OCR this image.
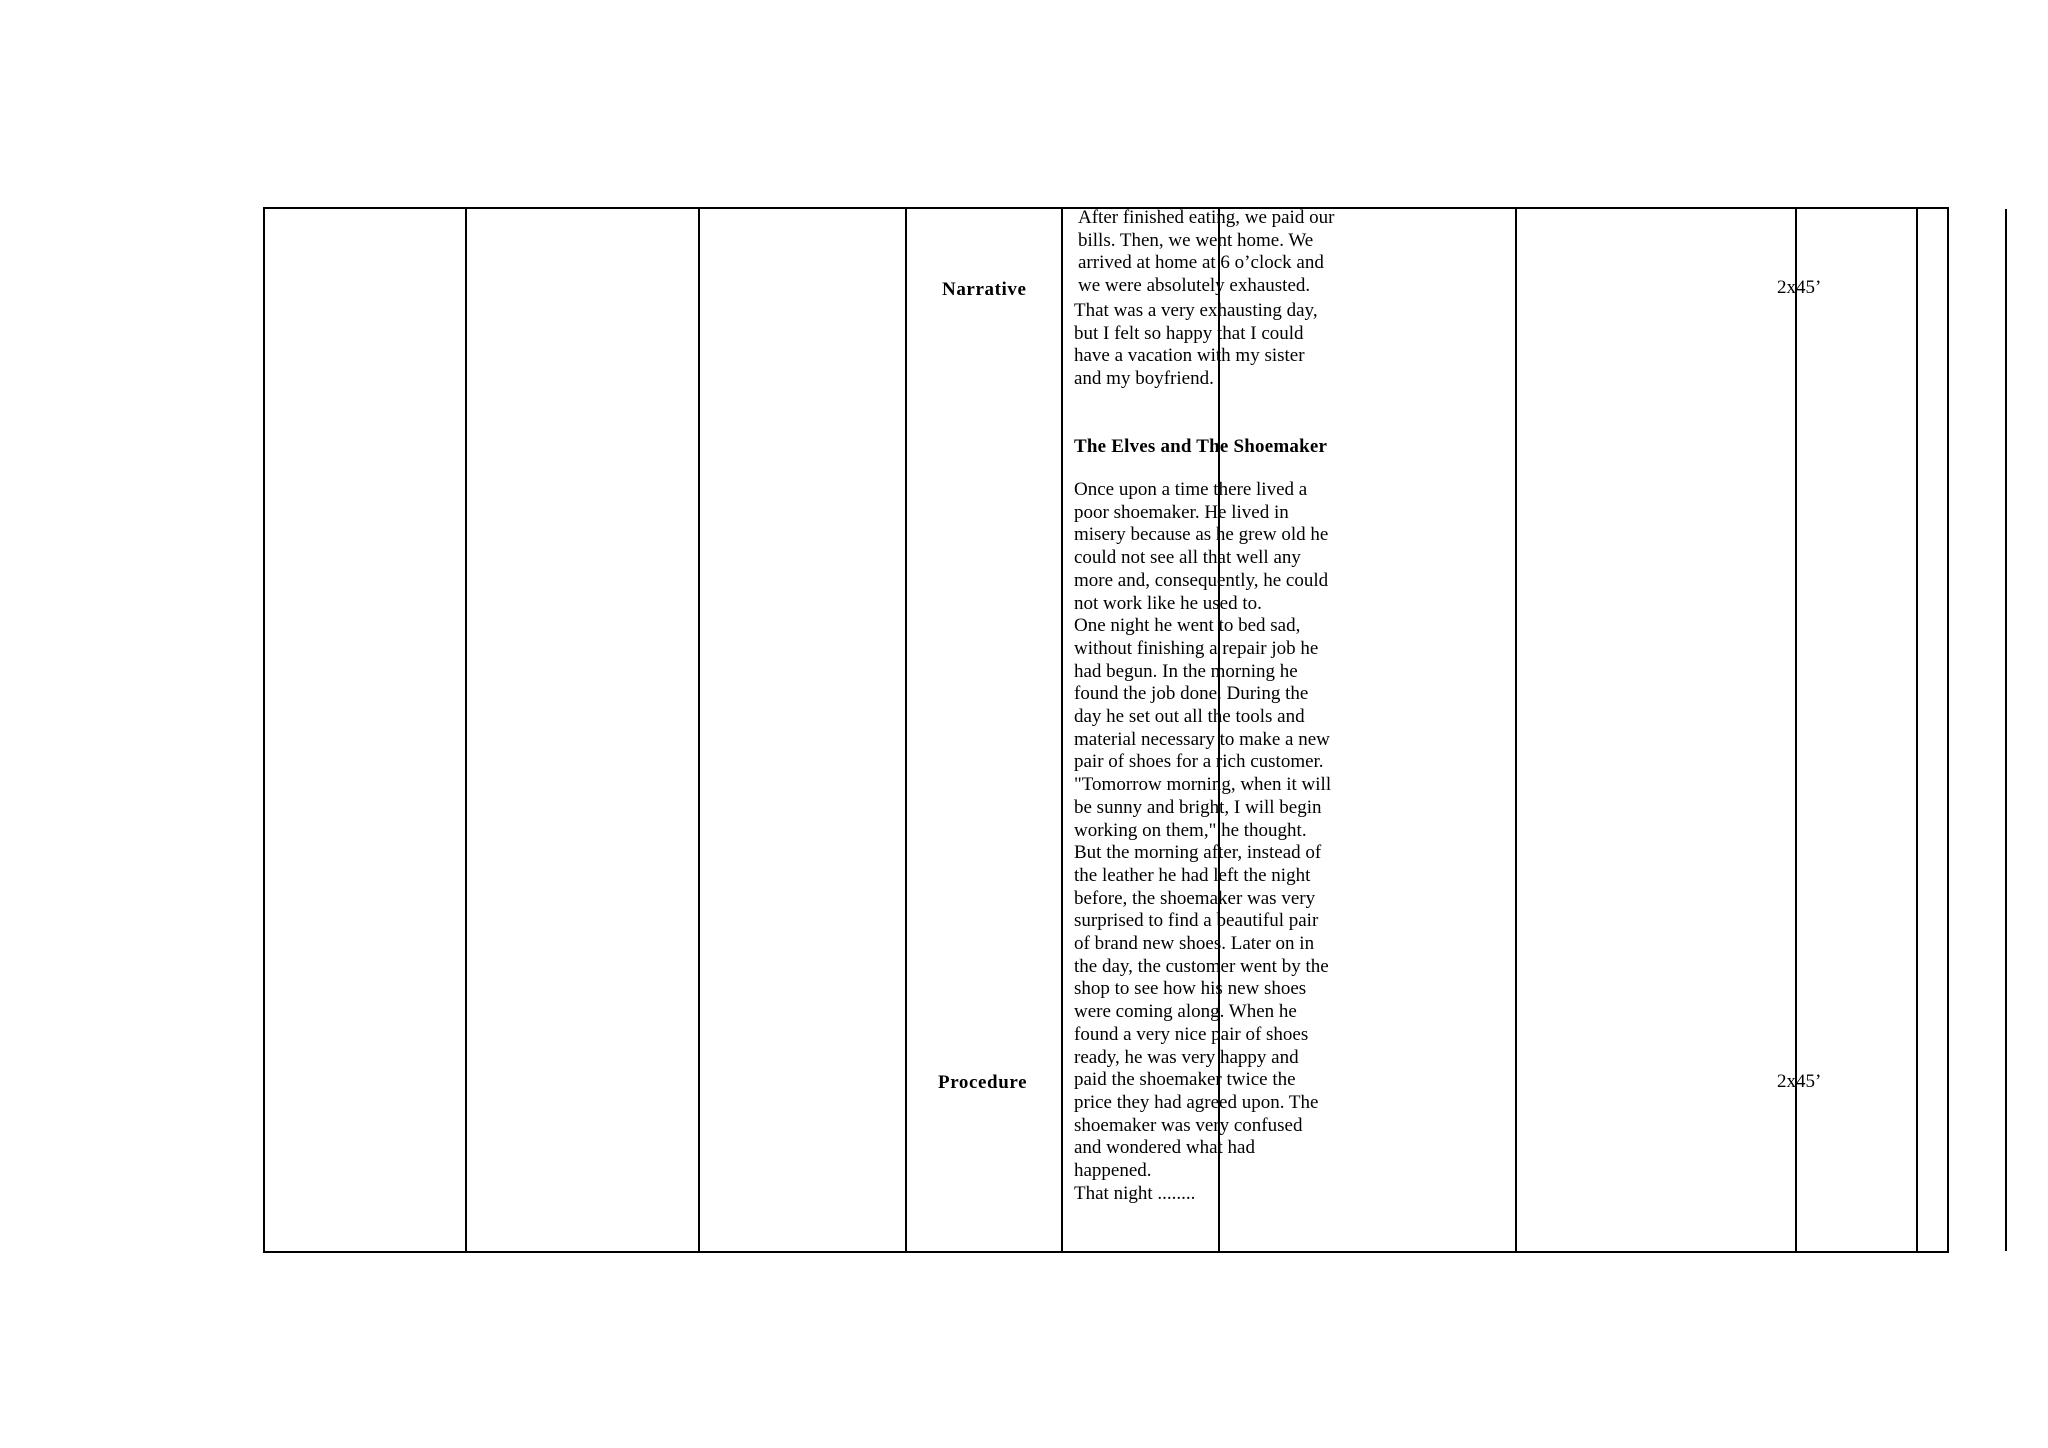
Narrative
Procedure

After finished eating, we paid our

bills. Then, we went home. We

arrived at home at 6 o’clock and

we were absolutely exhausted.

That was a very exhausting day,

but I felt so happy that I could

have a vacation with my sister

and my boyfriend.

The Elves and The Shoemaker

Once upon a time there lived a

poor shoemaker. He lived in

misery because as he grew old he

could not see all that well any

more and, consequently, he could

not work like he used to.

One night he went to bed sad,

without finishing a repair job he

had begun. In the morning he

found the job done. During the

day he set out all the tools and

material necessary to make a new

pair of shoes for a rich customer.

"Tomorrow morning, when it will

be sunny and bright, I will begin

working on them," he thought.

But the morning after, instead of

the leather he had left the night

before, the shoemaker was very

surprised to find a beautiful pair

of brand new shoes. Later on in

the day, the customer went by the

shop to see how his new shoes

were coming along. When he

found a very nice pair of shoes

ready, he was very happy and

paid the shoemaker twice the

price they had agreed upon. The

shoemaker was very confused

and wondered what had

happened.

That night ........

2x45’
2x45’
